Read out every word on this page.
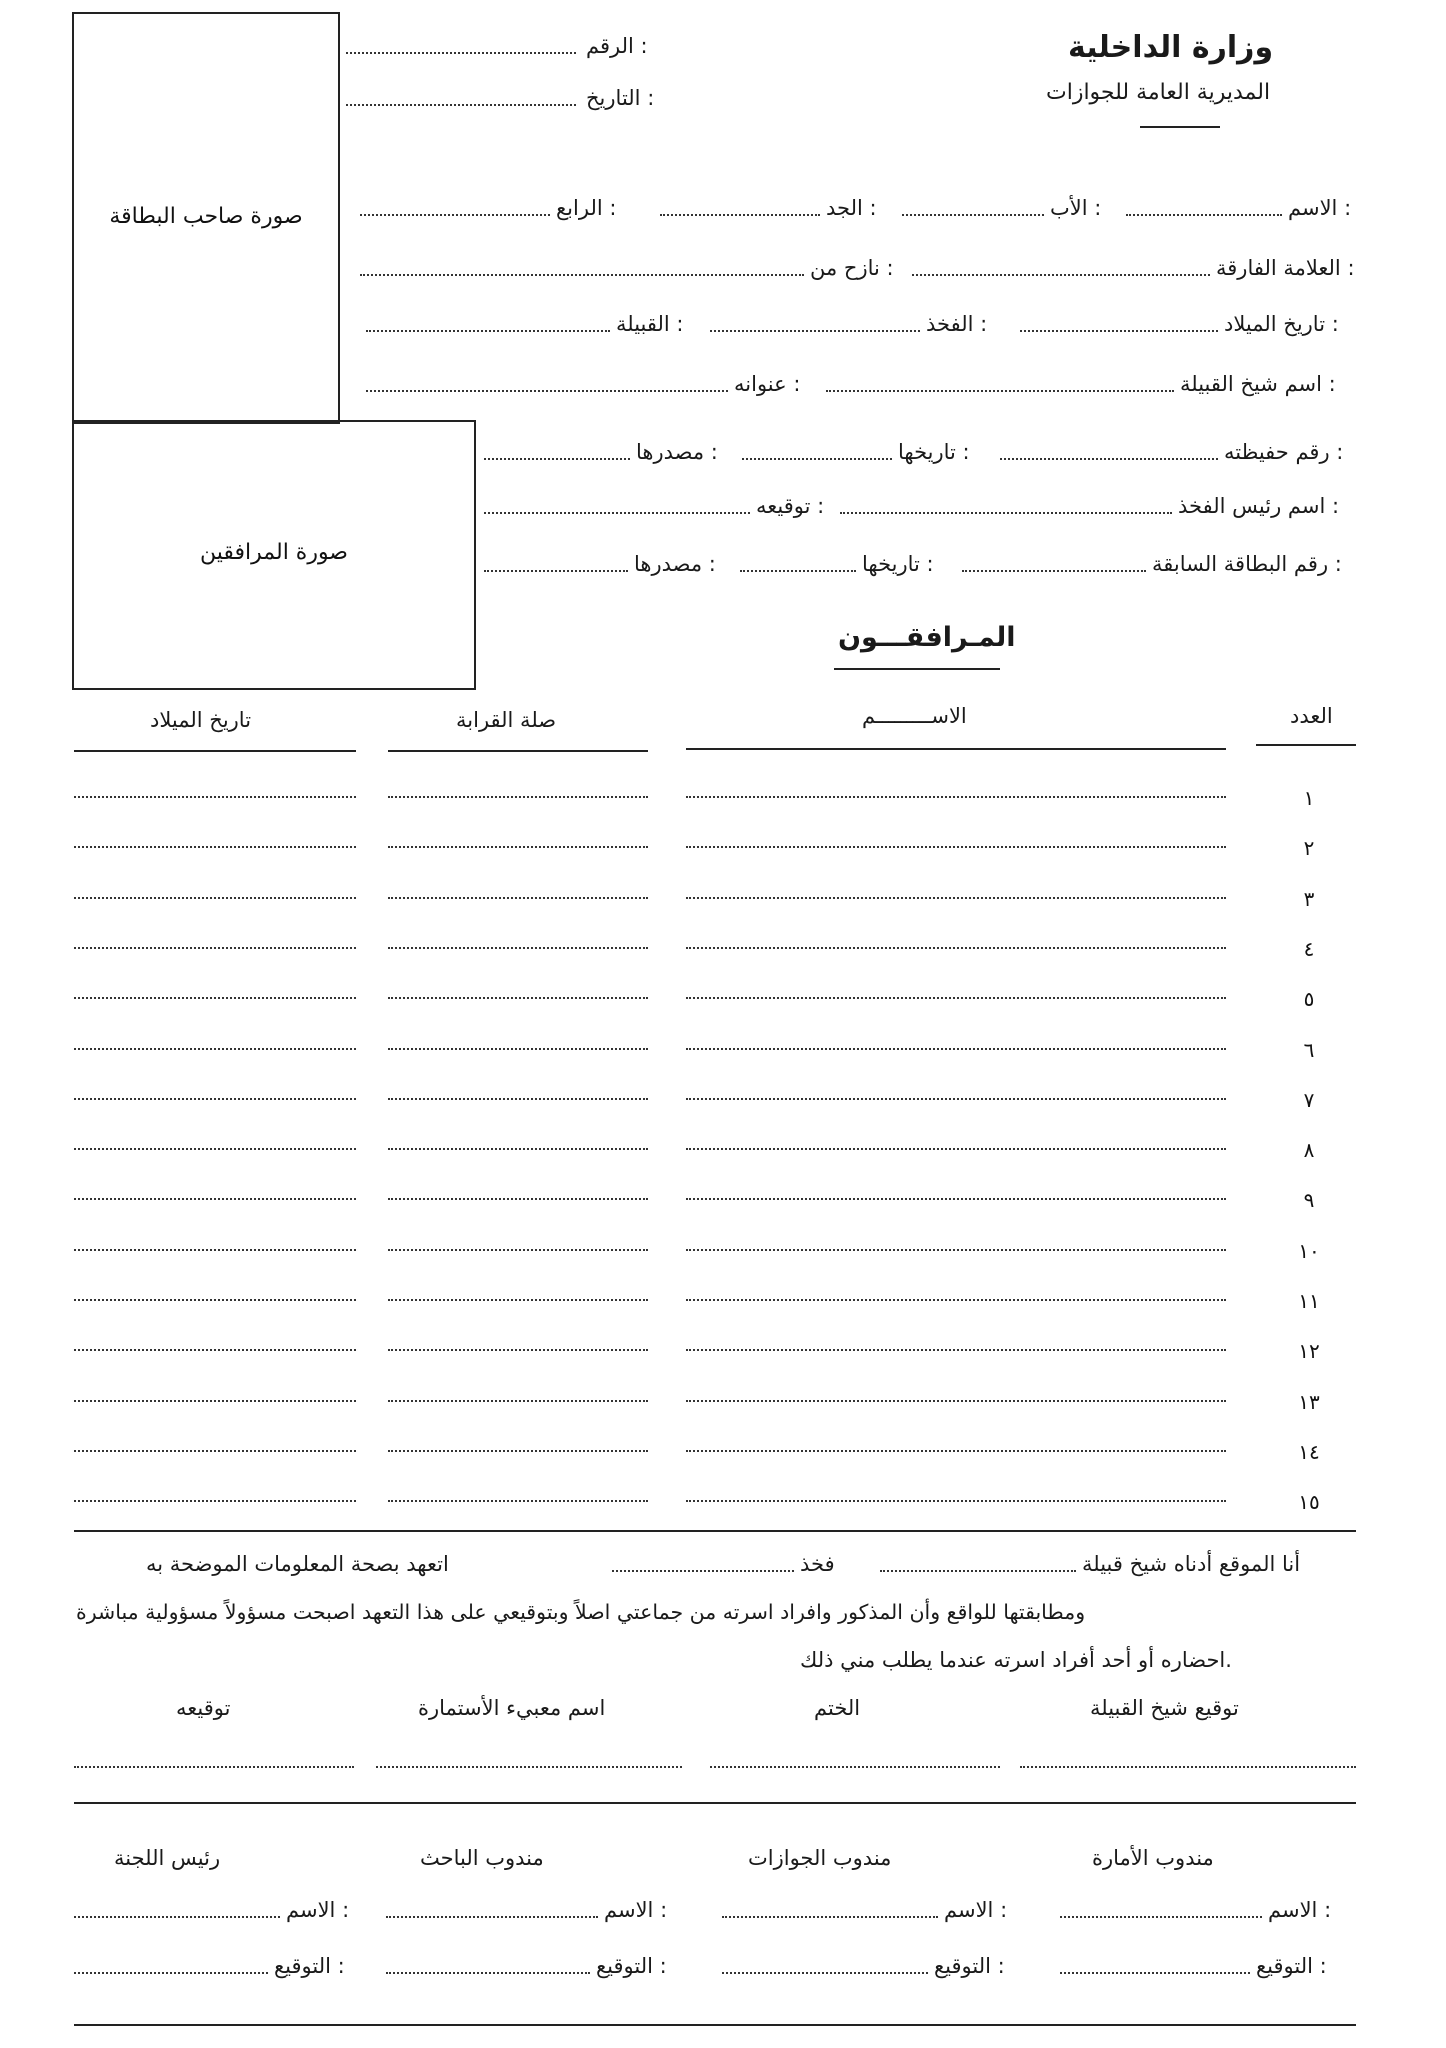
وزارة الداخلية
المديرية العامة للجوازات
الرقم :
التاريخ :
صورة صاحب البطاقة
صورة المرافقين
الاسم :
الأب :
الجد :
الرابع :
العلامة الفارقة :
نازح من :
تاريخ الميلاد :
الفخذ :
القبيلة :
اسم شيخ القبيلة :
عنوانه :
رقم حفيظته :
تاريخها :
مصدرها :
اسم رئيس الفخذ :
توقيعه :
رقم البطاقة السابقة :
تاريخها :
مصدرها :
المـرافقـــون
العدد
الاســـــــــم
صلة القرابة
تاريخ الميلاد
١
٢
٣
٤
٥
٦
٧
٨
٩
١٠
١١
١٢
١٣
١٤
١٥
أنا الموقع أدناه شيخ قبيلة
فخذ
اتعهد بصحة المعلومات الموضحة به
ومطابقتها للواقع وأن المذكور وافراد اسرته من جماعتي اصلاً وبتوقيعي على هذا التعهد اصبحت مسؤولاً مسؤولية مباشرة
احضاره أو أحد أفراد اسرته عندما يطلب مني ذلك.
توقيع شيخ القبيلة
الختم
اسم معبيء الأستمارة
توقيعه
مندوب الأمارة
مندوب الجوازات
مندوب الباحث
رئيس اللجنة
الاسم :
الاسم :
الاسم :
الاسم :
التوقيع :
التوقيع :
التوقيع :
التوقيع :
